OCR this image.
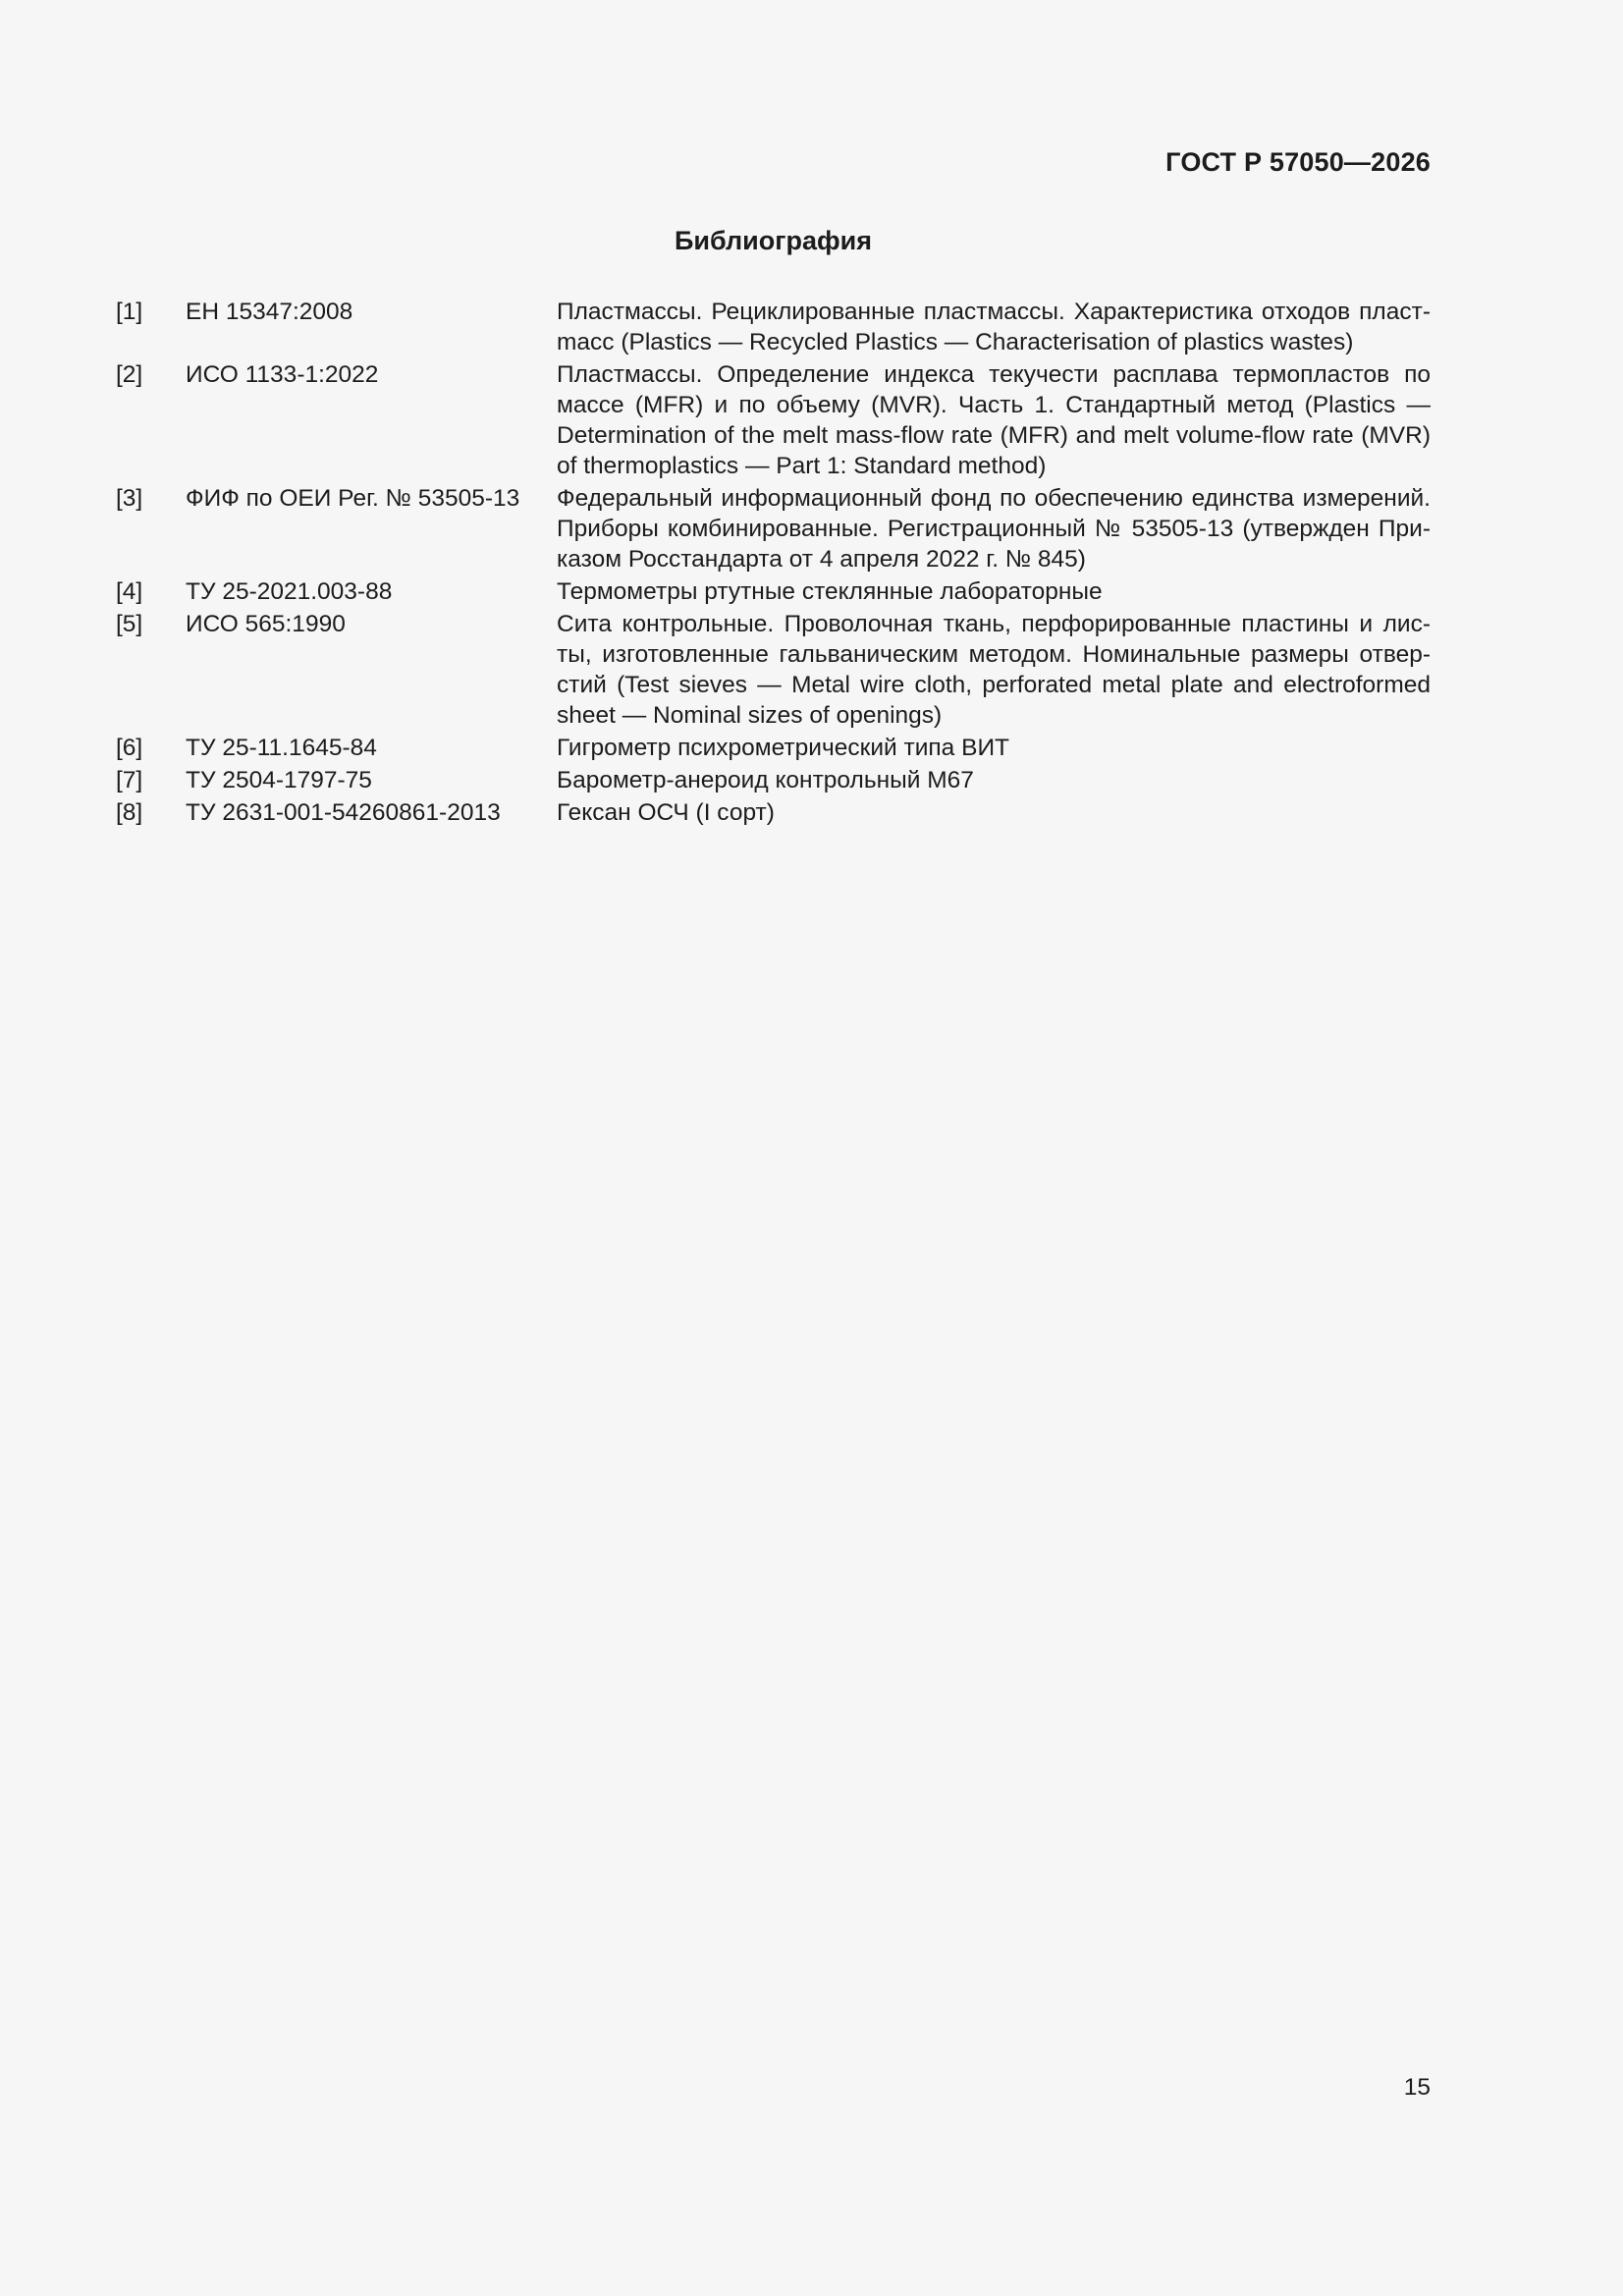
ГОСТ Р 57050—2026
Библиография
[1]	ЕН 15347:2008	Пластмассы. Рециклированные пластмассы. Характеристика отходов пластmасс (Plastics — Recycled Plastics — Characterisation of plastics wastes)
[2]	ИСО 1133-1:2022	Пластмассы. Определение индекса текучести расплава термопластов по массе (MFR) и по объему (MVR). Часть 1. Стандартный метод (Plastics — Determination of the melt mass-flow rate (MFR) and melt volume-flow rate (MVR) of thermoplastics — Part 1: Standard method)
[3]	ФИФ по ОЕИ Рег. № 53505-13	Федеральный информационный фонд по обеспечению единства измерений. Приборы комбинированные. Регистрационный № 53505-13 (утвержден Приказом Росстандарта от 4 апреля 2022 г. № 845)
[4]	ТУ 25-2021.003-88	Термометры ртутные стеклянные лабораторные
[5]	ИСО 565:1990	Сита контрольные. Проволочная ткань, перфорированные пластины и листы, изготовленные гальваническим методом. Номинальные размеры отверстий (Test sieves — Metal wire cloth, perforated metal plate and electroformed sheet — Nominal sizes of openings)
[6]	ТУ 25-11.1645-84	Гигрометр психрометрический типа ВИТ
[7]	ТУ 2504-1797-75	Барометр-анероид контрольный М67
[8]	ТУ 2631-001-54260861-2013	Гексан ОСЧ (I сорт)
15
